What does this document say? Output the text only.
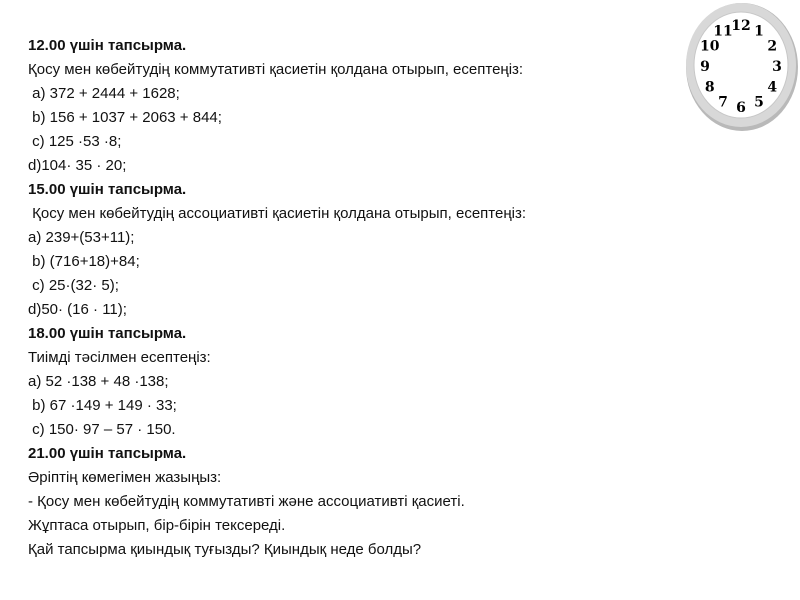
12.00 үшін тапсырма.
Қосу мен көбейтудің коммутативті қасиетін қолдана отырып, есептеңіз:
a) 372 + 2444 + 1628;
b) 156 + 1037 + 2063 + 844;
c) 125 ·53 ·8;
d)104· 35 · 20;
15.00 үшін тапсырма.
Қосу мен көбейтудің ассоциативті қасиетін қолдана отырып, есептеңіз:
a) 239+(53+11);
b) (716+18)+84;
c) 25·(32· 5);
d)50· (16 · 11);
18.00 үшін тапсырма.
Тиімді тәсілмен есептеңіз:
a) 52 ·138 + 48 ·138;
b) 67 ·149 + 149 · 33;
c) 150· 97 – 57 · 150.
21.00 үшін тапсырма.
Әріптің көмегімен жазыңыз:
- Қосу мен көбейтудің коммутативті және ассоциативті қасиеті.
Жұптаса отырып, бір-бірін тексереді.
Қай тапсырма қиындық туғызды? Қиындық неде болды?
12 1
2
3
4
5
6
7
8
9
10
11
